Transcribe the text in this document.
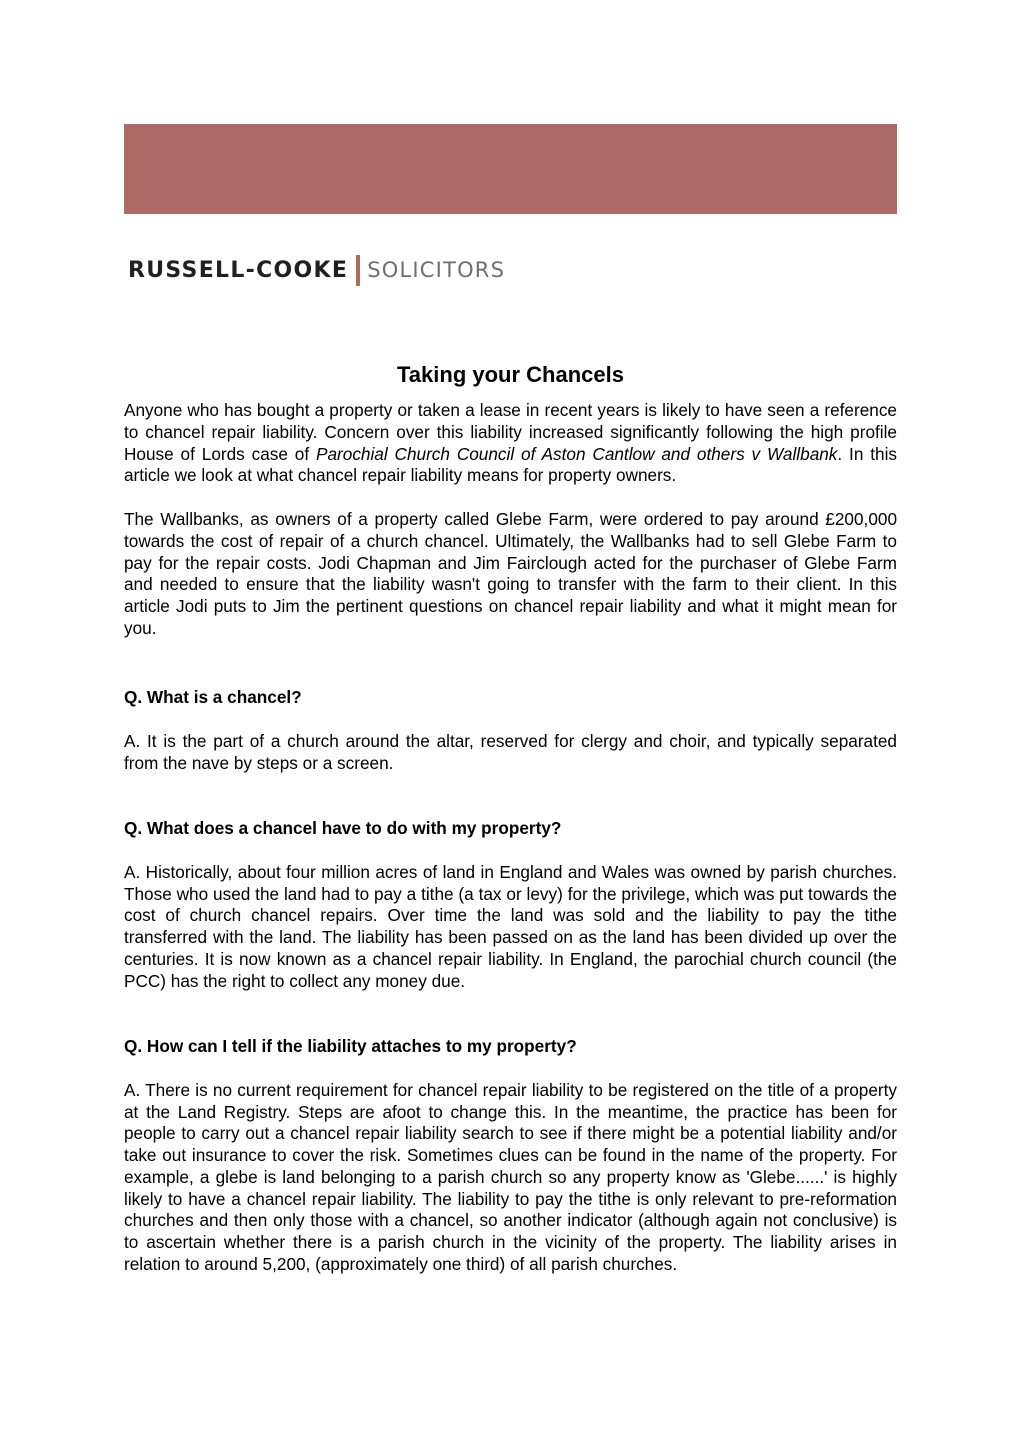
RUSSELL-COOKE SOLICITORS
Taking your Chancels

Anyone who has bought a property or taken a lease in recent years is likely to have seen a reference to chancel repair liability. Concern over this liability increased significantly following the high profile House of Lords case of Parochial Church Council of Aston Cantlow and others v Wallbank. In this article we look at what chancel repair liability means for property owners.

The Wallbanks, as owners of a property called Glebe Farm, were ordered to pay around £200,000 towards the cost of repair of a church chancel. Ultimately, the Wallbanks had to sell Glebe Farm to pay for the repair costs. Jodi Chapman and Jim Fairclough acted for the purchaser of Glebe Farm and needed to ensure that the liability wasn't going to transfer with the farm to their client. In this article Jodi puts to Jim the pertinent questions on chancel repair liability and what it might mean for you.

Q. What is a chancel?

A. It is the part of a church around the altar, reserved for clergy and choir, and typically separated from the nave by steps or a screen.

Q. What does a chancel have to do with my property?

A. Historically, about four million acres of land in England and Wales was owned by parish churches. Those who used the land had to pay a tithe (a tax or levy) for the privilege, which was put towards the cost of church chancel repairs. Over time the land was sold and the liability to pay the tithe transferred with the land. The liability has been passed on as the land has been divided up over the centuries. It is now known as a chancel repair liability. In England, the parochial church council (the PCC) has the right to collect any money due.

Q. How can I tell if the liability attaches to my property?

A. There is no current requirement for chancel repair liability to be registered on the title of a property at the Land Registry. Steps are afoot to change this. In the meantime, the practice has been for people to carry out a chancel repair liability search to see if there might be a potential liability and/or take out insurance to cover the risk. Sometimes clues can be found in the name of the property. For example, a glebe is land belonging to a parish church so any property know as 'Glebe......' is highly likely to have a chancel repair liability. The liability to pay the tithe is only relevant to pre-reformation churches and then only those with a chancel, so another indicator (although again not conclusive) is to ascertain whether there is a parish church in the vicinity of the property. The liability arises in relation to around 5,200, (approximately one third) of all parish churches.
